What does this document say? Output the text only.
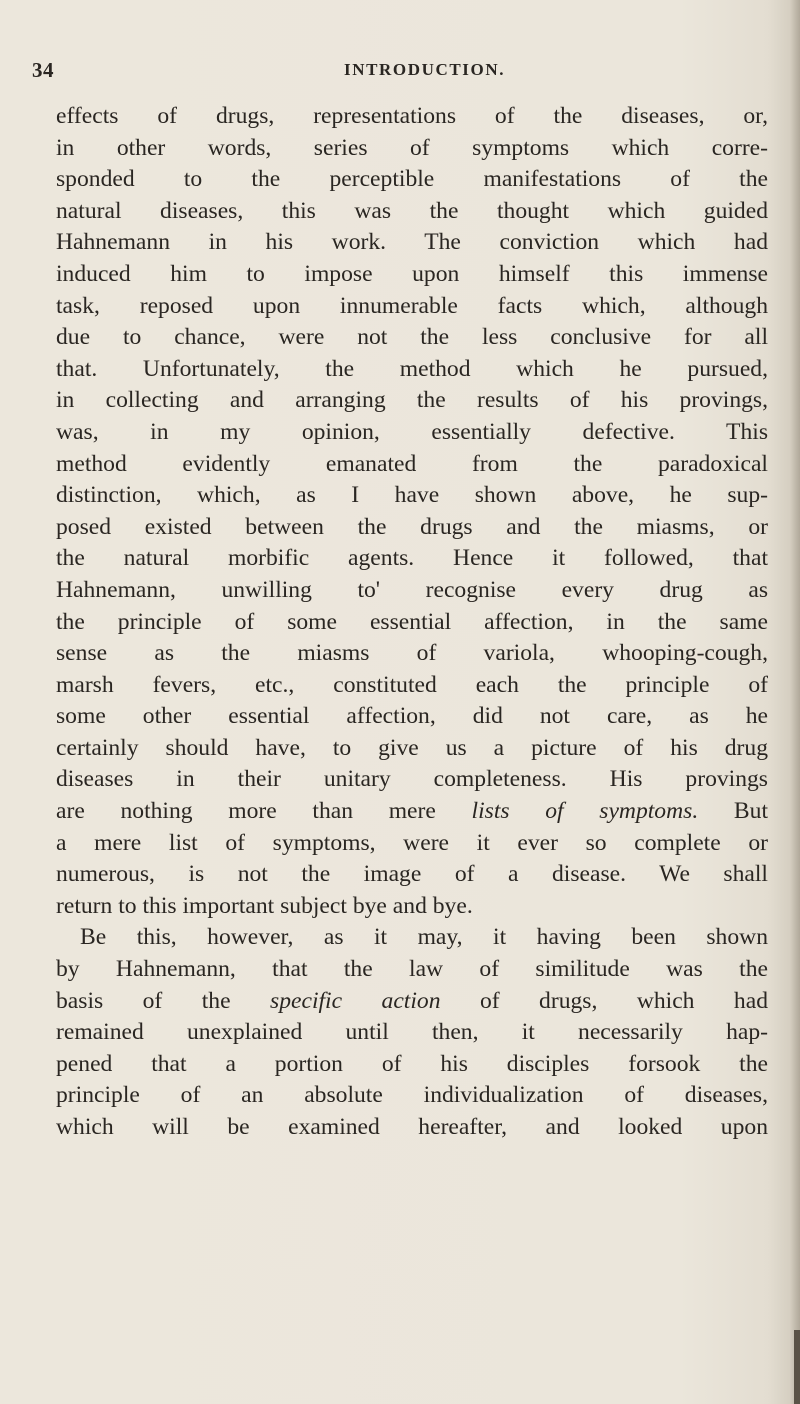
34	INTRODUCTION.
effects of drugs, representations of the diseases, or,
in other words, series of symptoms which corre-
sponded to the perceptible manifestations of the
natural diseases, this was the thought which guided
Hahnemann in his work. The conviction which had
induced him to impose upon himself this immense
task, reposed upon innumerable facts which, although
due to chance, were not the less conclusive for all
that. Unfortunately, the method which he pursued,
in collecting and arranging the results of his provings,
was, in my opinion, essentially defective. This
method evidently emanated from the paradoxical
distinction, which, as I have shown above, he sup-
posed existed between the drugs and the miasms, or
the natural morbific agents. Hence it followed, that
Hahnemann, unwilling to' recognise every drug as
the principle of some essential affection, in the same
sense as the miasms of variola, whooping-cough,
marsh fevers, etc., constituted each the principle of
some other essential affection, did not care, as he
certainly should have, to give us a picture of his drug
diseases in their unitary completeness. His provings
are nothing more than mere lists of symptoms. But
a mere list of symptoms, were it ever so complete or
numerous, is not the image of a disease. We shall
return to this important subject bye and bye.
Be this, however, as it may, it having been shown
by Hahnemann, that the law of similitude was the
basis of the specific action of drugs, which had
remained unexplained until then, it necessarily hap-
pened that a portion of his disciples forsook the
principle of an absolute individualization of diseases,
which will be examined hereafter, and looked upon
